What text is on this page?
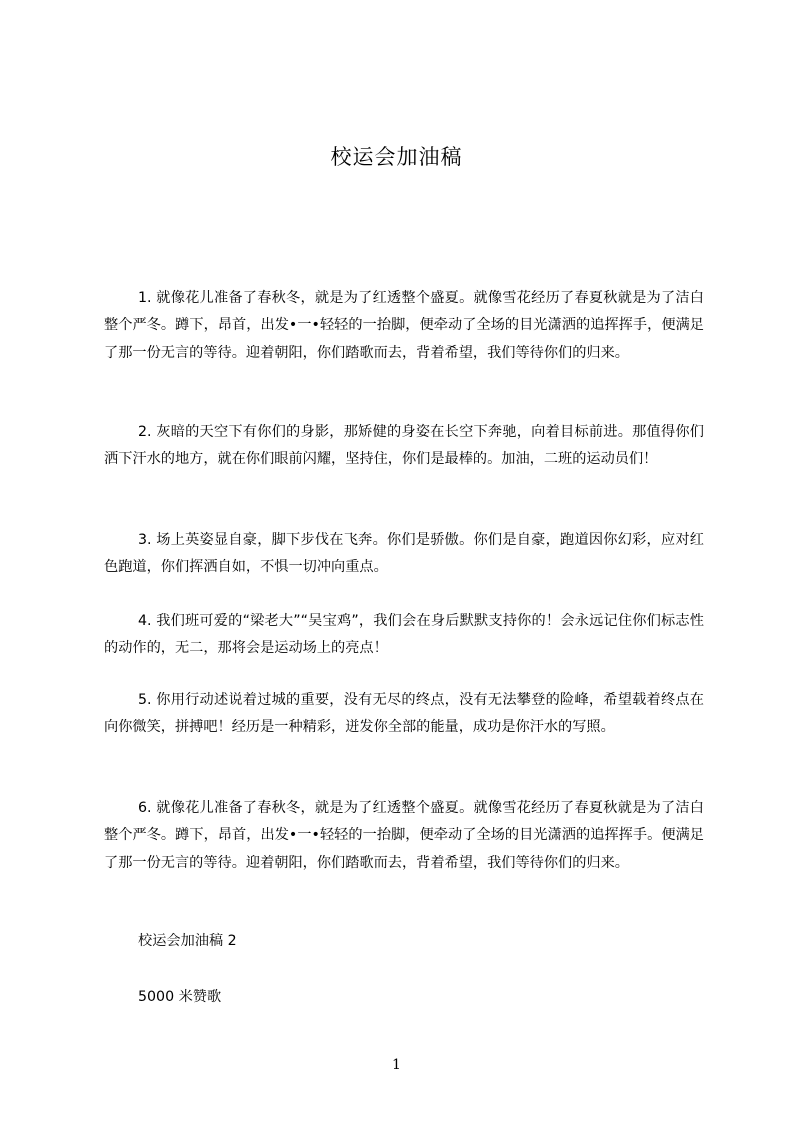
校运会加油稿

1. 就像花儿准备了春秋冬，就是为了红透整个盛夏。就像雪花经历了春夏秋就是为了洁白整个严冬。蹲下，昂首，出发•一•轻轻的一抬脚，便牵动了全场的目光潇洒的追挥挥手，便满足了那一份无言的等待。迎着朝阳，你们踏歌而去，背着希望，我们等待你们的归来。

2. 灰暗的天空下有你们的身影，那矫健的身姿在长空下奔驰，向着目标前进。那值得你们洒下汗水的地方，就在你们眼前闪耀，坚持住，你们是最棒的。加油，二班的运动员们！

3. 场上英姿显自豪，脚下步伐在飞奔。你们是骄傲。你们是自豪，跑道因你幻彩，应对红色跑道，你们挥洒自如，不惧一切冲向重点。

4. 我们班可爱的“梁老大”“吴宝鸡”，我们会在身后默默支持你的！会永远记住你们标志性的动作的，无二，那将会是运动场上的亮点！

5. 你用行动述说着过城的重要，没有无尽的终点，没有无法攀登的险峰，希望载着终点在向你微笑，拼搏吧！经历是一种精彩，迸发你全部的能量，成功是你汗水的写照。

6. 就像花儿准备了春秋冬，就是为了红透整个盛夏。就像雪花经历了春夏秋就是为了洁白整个严冬。蹲下，昂首，出发•一•轻轻的一抬脚，便牵动了全场的目光潇洒的追挥挥手。便满足了那一份无言的等待。迎着朝阳，你们踏歌而去，背着希望，我们等待你们的归来。

校运会加油稿 2

5000 米赞歌

1
